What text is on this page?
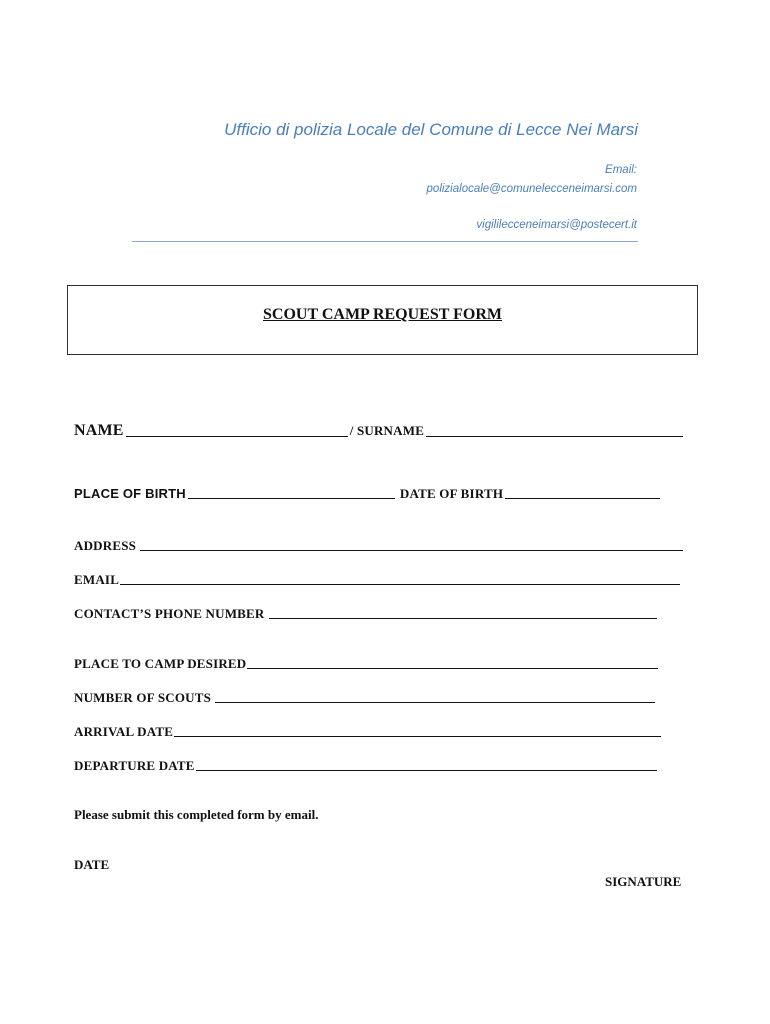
Ufficio di polizia Locale del Comune di Lecce Nei Marsi
Email:
polizialocale@comunelecceneimarsi.com
vigililecceneimarsi@postecert.it
SCOUT CAMP REQUEST FORM
NAME	/ SURNAME
PLACE OF BIRTH	DATE OF BIRTH
ADDRESS
EMAIL
CONTACT’S PHONE NUMBER
PLACE TO CAMP DESIRED
NUMBER OF SCOUTS
ARRIVAL DATE
DEPARTURE DATE
Please submit this completed form by email.
DATE
SIGNATURE
